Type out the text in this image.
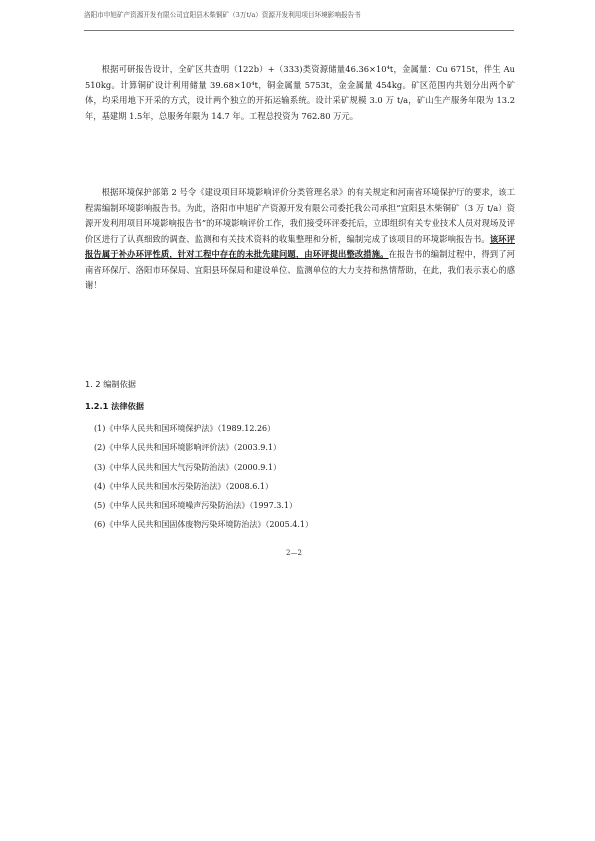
洛阳市申旭矿产资源开发有限公司宜阳县木柴铜矿（3万t/a）资源开发利用项目环境影响报告书

根据可研报告设计，全矿区共查明（122b）+（333)类资源储量46.36×10⁴t，金属量：Cu 6715t，伴生 Au 510kg。计算铜矿设计利用储量 39.68×10⁴t，铜金属量 5753t，金金属量 454kg。矿区范围内共划分出两个矿体，均采用地下开采的方式，设计两个独立的开拓运输系统。设计采矿规模 3.0 万 t/a，矿山生产服务年限为 13.2 年，基建期 1.5年，总服务年限为 14.7 年。工程总投资为 762.80 万元。

根据环境保护部第 2 号令《建设项目环境影响评价分类管理名录》的有关规定和河南省环境保护厅的要求，该工程需编制环境影响报告书。为此，洛阳市申旭矿产资源开发有限公司委托我公司承担“宜阳县木柴铜矿（3 万 t/a）资源开发利用项目环境影响报告书”的环境影响评价工作，我们接受环评委托后，立即组织有关专业技术人员对现场及评价区进行了认真细致的调查、监测和有关技术资料的收集整理和分析，编制完成了该项目的环境影响报告书。该环评报告属于补办环评性质，针对工程中存在的未批先建问题，由环评提出整改措施。在报告书的编制过程中，得到了河南省环保厅、洛阳市环保局、宜阳县环保局和建设单位、监测单位的大力支持和热情帮助，在此，我们表示衷心的感谢！

1. 2 编制依据
1.2.1 法律依据
(1)《中华人民共和国环境保护法》（1989.12.26）
(2)《中华人民共和国环境影响评价法》（2003.9.1）
(3)《中华人民共和国大气污染防治法》（2000.9.1）
(4)《中华人民共和国水污染防治法》（2008.6.1）
(5)《中华人民共和国环境噪声污染防治法》（1997.3.1）
(6)《中华人民共和国固体废物污染环境防治法》（2005.4.1）
2—2
